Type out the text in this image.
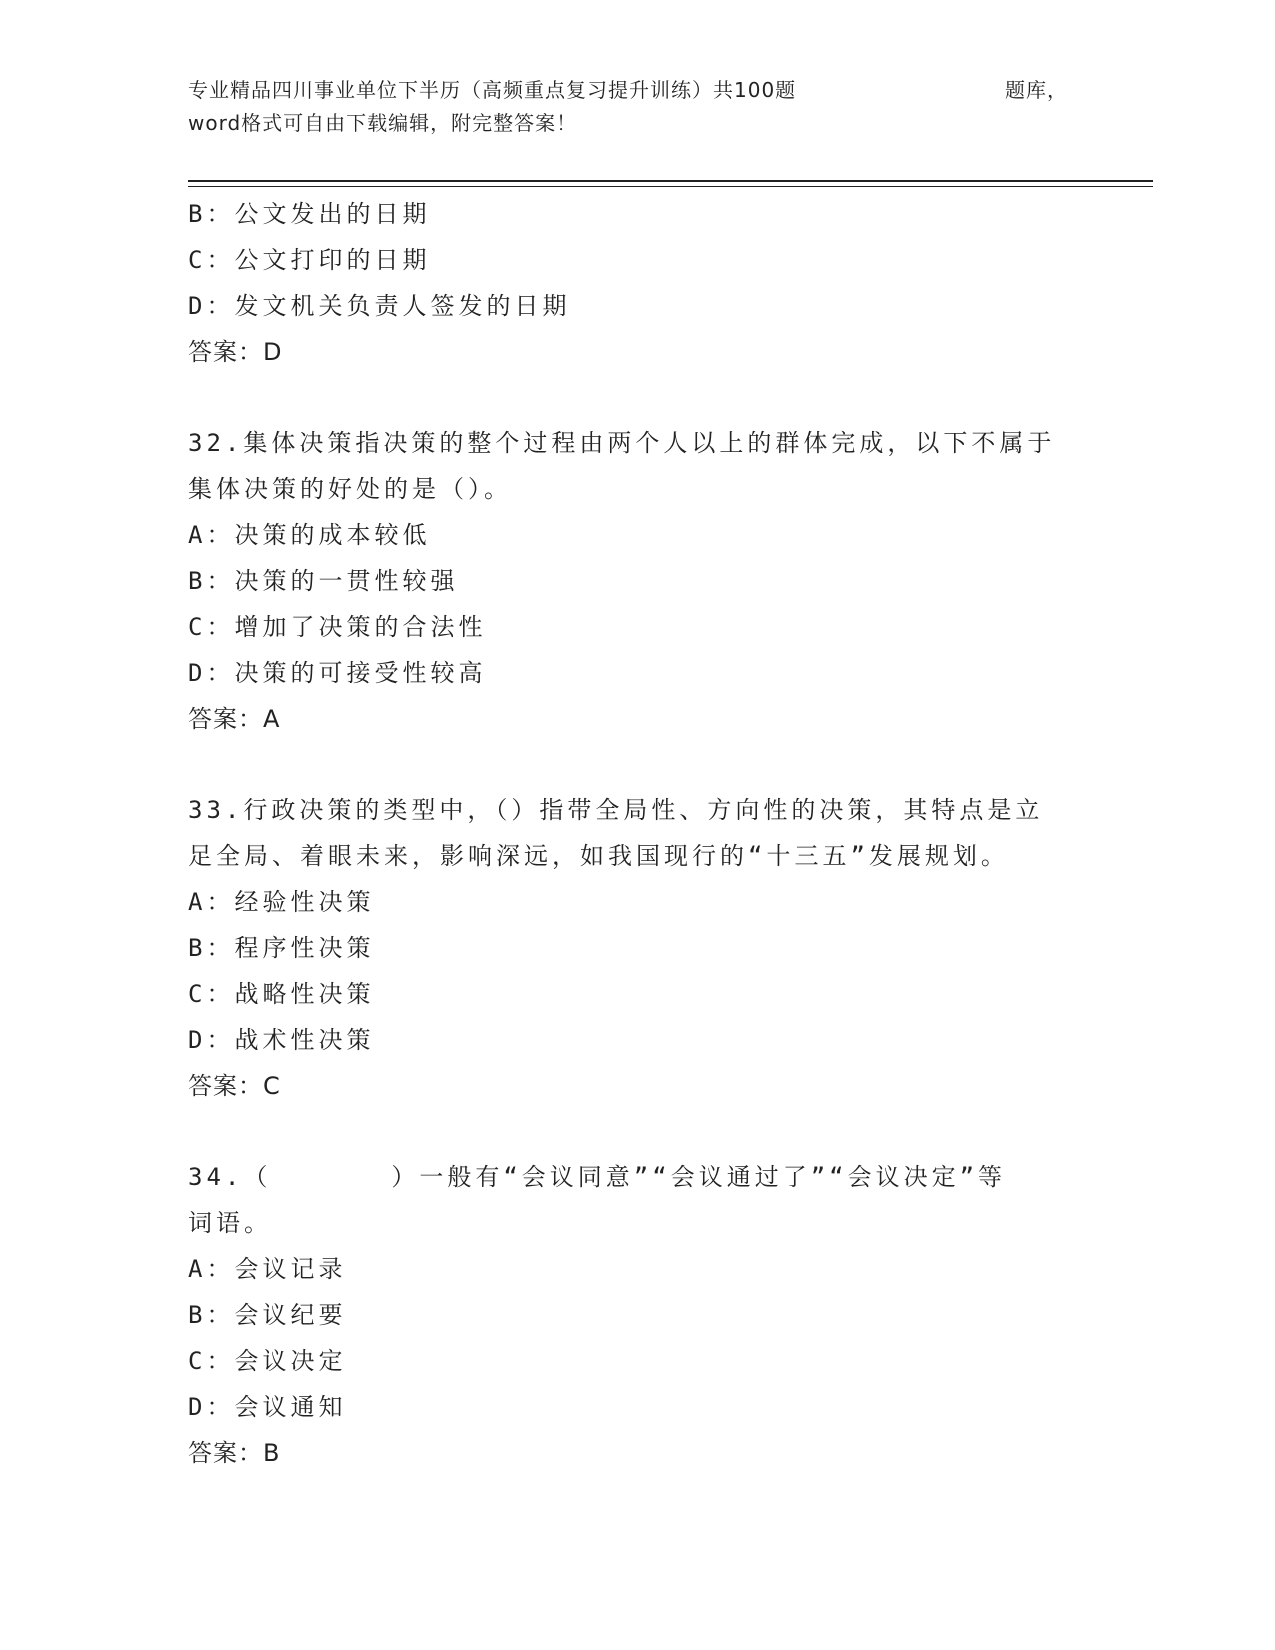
专业精品四川事业单位下半历（高频重点复习提升训练）共100题	题库，
word格式可自由下载编辑，附完整答案！
B：公文发出的日期
C：公文打印的日期
D：发文机关负责人签发的日期
答案：D
32.集体决策指决策的整个过程由两个人以上的群体完成，以下不属于
集体决策的好处的是（）。
A：决策的成本较低
B：决策的一贯性较强
C：增加了决策的合法性
D：决策的可接受性较高
答案：A
33.行政决策的类型中，（）指带全局性、方向性的决策，其特点是立
足全局、着眼未来，影响深远，如我国现行的“十三五”发展规划。
A：经验性决策
B：程序性决策
C：战略性决策
D：战术性决策
答案：C
34.（	）一般有“会议同意”“会议通过了”“会议决定”等
词语。
A：会议记录
B：会议纪要
C：会议决定
D：会议通知
答案：B
